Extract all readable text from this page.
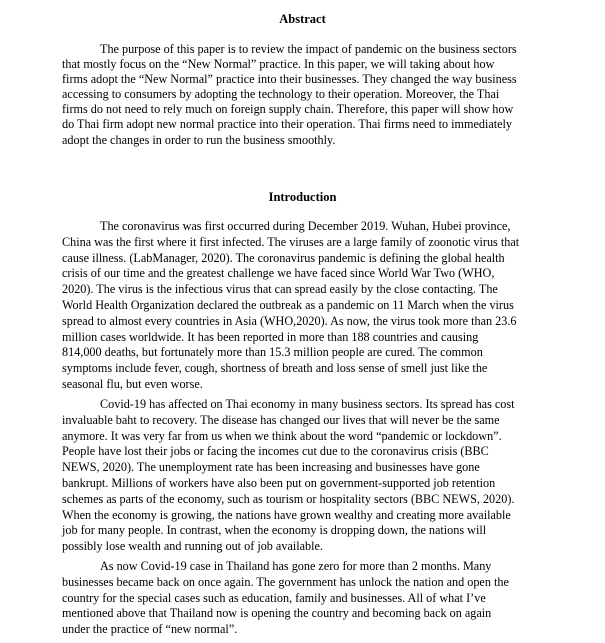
Abstract
The purpose of this paper is to review the impact of pandemic on the business sectors
that mostly focus on the “New Normal” practice. In this paper, we will taking about how
firms adopt the “New Normal” practice into their businesses. They changed the way business
accessing to consumers by adopting the technology to their operation. Moreover, the Thai
firms do not need to rely much on foreign supply chain. Therefore, this paper will show how
do Thai firm adopt new normal practice into their operation. Thai firms need to immediately
adopt the changes in order to run the business smoothly.
Introduction
The coronavirus was first occurred during December 2019. Wuhan, Hubei province,
China was the first where it first infected. The viruses are a large family of zoonotic virus that
cause illness. (LabManager, 2020). The coronavirus pandemic is defining the global health
crisis of our time and the greatest challenge we have faced since World War Two (WHO,
2020). The virus is the infectious virus that can spread easily by the close contacting. The
World Health Organization declared the outbreak as a pandemic on 11 March when the virus
spread to almost every countries in Asia (WHO,2020). As now, the virus took more than 23.6
million cases worldwide. It has been reported in more than 188 countries and causing
814,000 deaths, but fortunately more than 15.3 million people are cured. The common
symptoms include fever, cough, shortness of breath and loss sense of smell just like the
seasonal flu, but even worse.
Covid-19 has affected on Thai economy in many business sectors. Its spread has cost
invaluable baht to recovery. The disease has changed our lives that will never be the same
anymore. It was very far from us when we think about the word “pandemic or lockdown”.
People have lost their jobs or facing the incomes cut due to the coronavirus crisis (BBC
NEWS, 2020). The unemployment rate has been increasing and businesses have gone
bankrupt. Millions of workers have also been put on government-supported job retention
schemes as parts of the economy, such as tourism or hospitality sectors (BBC NEWS, 2020).
When the economy is growing, the nations have grown wealthy and creating more available
job for many people. In contrast, when the economy is dropping down, the nations will
possibly lose wealth and running out of job available.
As now Covid-19 case in Thailand has gone zero for more than 2 months. Many
businesses became back on once again. The government has unlock the nation and open the
country for the special cases such as education, family and businesses. All of what I’ve
mentioned above that Thailand now is opening the country and becoming back on again
under the practice of “new normal”.
